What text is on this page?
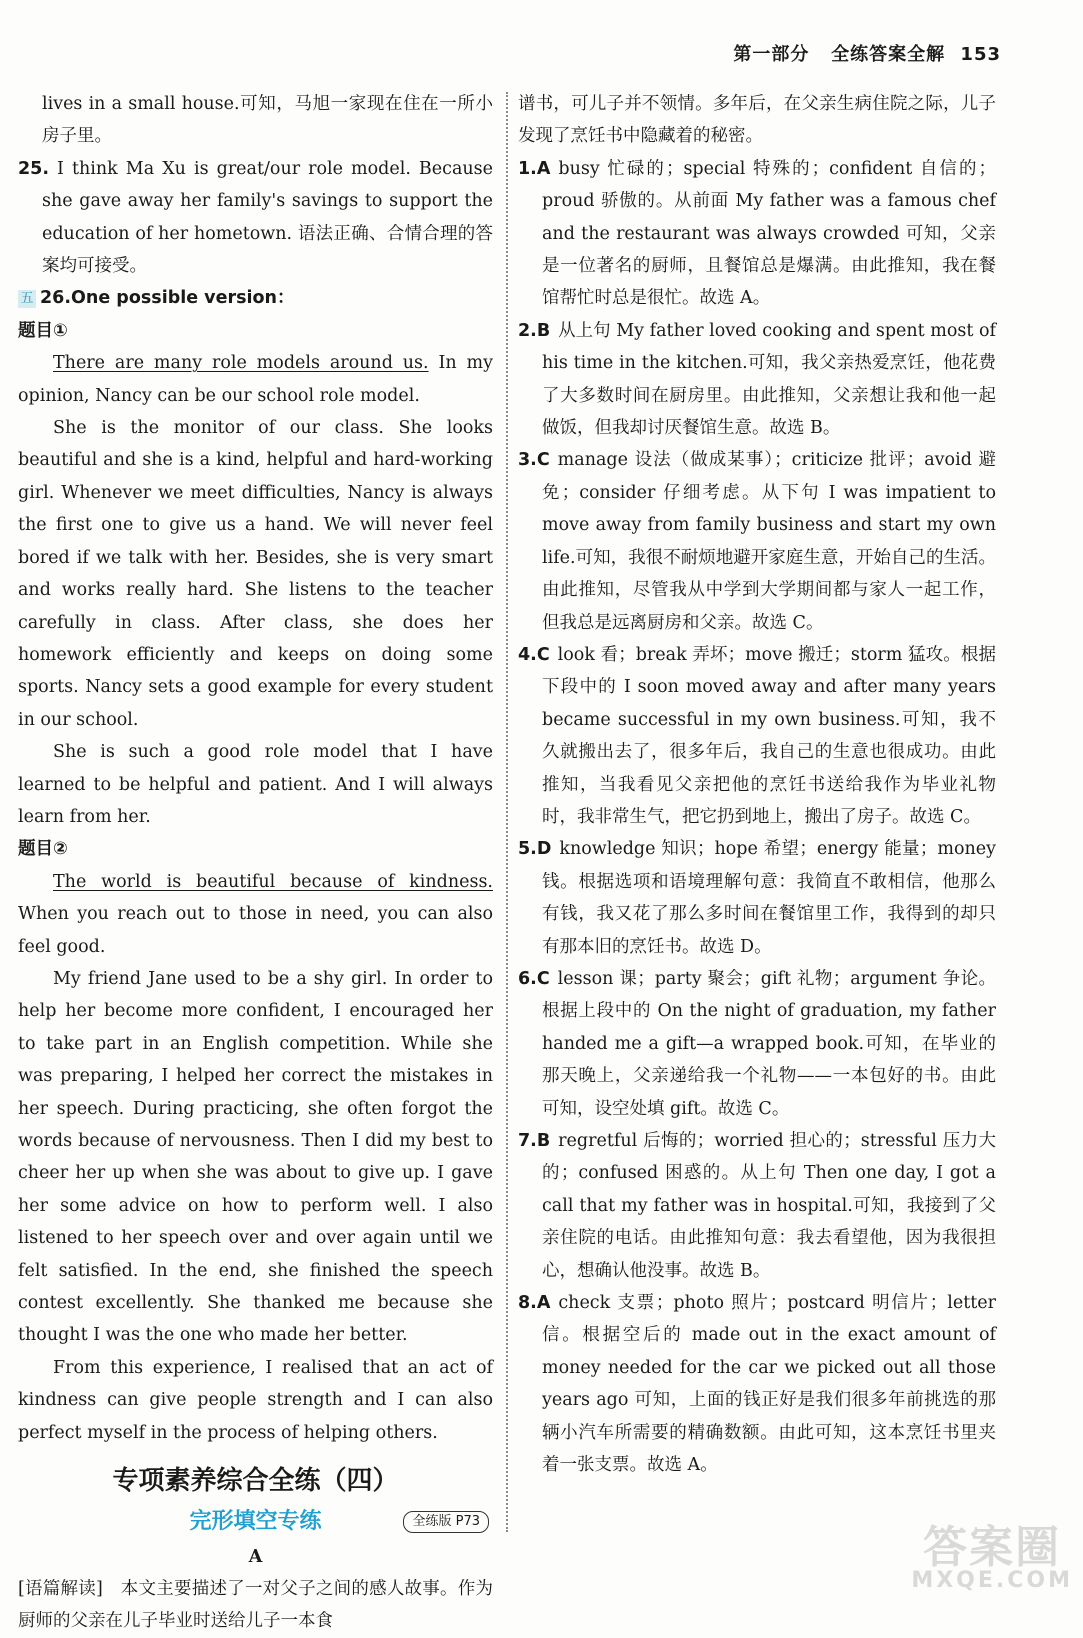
第一部分 全练答案全解 153

lives in a small house.可知，马旭一家现在住在一所小房子里。

25. I think Ma Xu is great/our role model. Because she gave away her family's savings to support the education of her hometown. 语法正确、合情合理的答案均可接受。

五 26.One possible version：

题目①

There are many role models around us. In my opinion, Nancy can be our school role model.

She is the monitor of our class. She looks beautiful and she is a kind, helpful and hard-working girl. Whenever we meet difficulties, Nancy is always the first one to give us a hand. We will never feel bored if we talk with her. Besides, she is very smart and works really hard. She listens to the teacher carefully in class. After class, she does her homework efficiently and keeps on doing some sports. Nancy sets a good example for every student in our school.

She is such a good role model that I have learned to be helpful and patient. And I will always learn from her.

题目②

The world is beautiful because of kindness. When you reach out to those in need, you can also feel good.

My friend Jane used to be a shy girl. In order to help her become more confident, I encouraged her to take part in an English competition. While she was preparing, I helped her correct the mistakes in her speech. During practicing, she often forgot the words because of nervousness. Then I did my best to cheer her up when she was about to give up. I gave her some advice on how to perform well. I also listened to her speech over and over again until we felt satisfied. In the end, she finished the speech contest excellently. She thanked me because she thought I was the one who made her better.

From this experience, I realised that an act of kindness can give people strength and I can also perfect myself in the process of helping others.

专项素养综合全练（四）
完形填空专练	全练版 P73
A

[语篇解读]　本文主要描述了一对父子之间的感人故事。作为厨师的父亲在儿子毕业时送给儿子一本食

谱书，可儿子并不领情。多年后，在父亲生病住院之际，儿子发现了烹饪书中隐藏着的秘密。

1.A busy 忙碌的；special 特殊的；confident 自信的；proud 骄傲的。从前面 My father was a famous chef and the restaurant was always crowded 可知，父亲是一位著名的厨师，且餐馆总是爆满。由此推知，我在餐馆帮忙时总是很忙。故选 A。

2.B 从上句 My father loved cooking and spent most of his time in the kitchen.可知，我父亲热爱烹饪，他花费了大多数时间在厨房里。由此推知，父亲想让我和他一起做饭，但我却讨厌餐馆生意。故选 B。

3.C manage 设法（做成某事）；criticize 批评；avoid 避免；consider 仔细考虑。从下句 I was impatient to move away from family business and start my own life.可知，我很不耐烦地避开家庭生意，开始自己的生活。由此推知，尽管我从中学到大学期间都与家人一起工作，但我总是远离厨房和父亲。故选 C。

4.C look 看；break 弄坏；move 搬迁；storm 猛攻。根据下段中的 I soon moved away and after many years became successful in my own business.可知，我不久就搬出去了，很多年后，我自己的生意也很成功。由此推知，当我看见父亲把他的烹饪书送给我作为毕业礼物时，我非常生气，把它扔到地上，搬出了房子。故选 C。

5.D knowledge 知识；hope 希望；energy 能量；money 钱。根据选项和语境理解句意：我简直不敢相信，他那么有钱，我又花了那么多时间在餐馆里工作，我得到的却只有那本旧的烹饪书。故选 D。

6.C lesson 课；party 聚会；gift 礼物；argument 争论。根据上段中的 On the night of graduation, my father handed me a gift—a wrapped book.可知，在毕业的那天晚上，父亲递给我一个礼物——一本包好的书。由此可知，设空处填 gift。故选 C。

7.B regretful 后悔的；worried 担心的；stressful 压力大的；confused 困惑的。从上句 Then one day, I got a call that my father was in hospital.可知，我接到了父亲住院的电话。由此推知句意：我去看望他，因为我很担心，想确认他没事。故选 B。

8.A check 支票；photo 照片；postcard 明信片；letter 信。根据空后的 made out in the exact amount of money needed for the car we picked out all those years ago 可知，上面的钱正好是我们很多年前挑选的那辆小汽车所需要的精确数额。由此可知，这本烹饪书里夹着一张支票。故选 A。

答案圈
MXQE.COM
